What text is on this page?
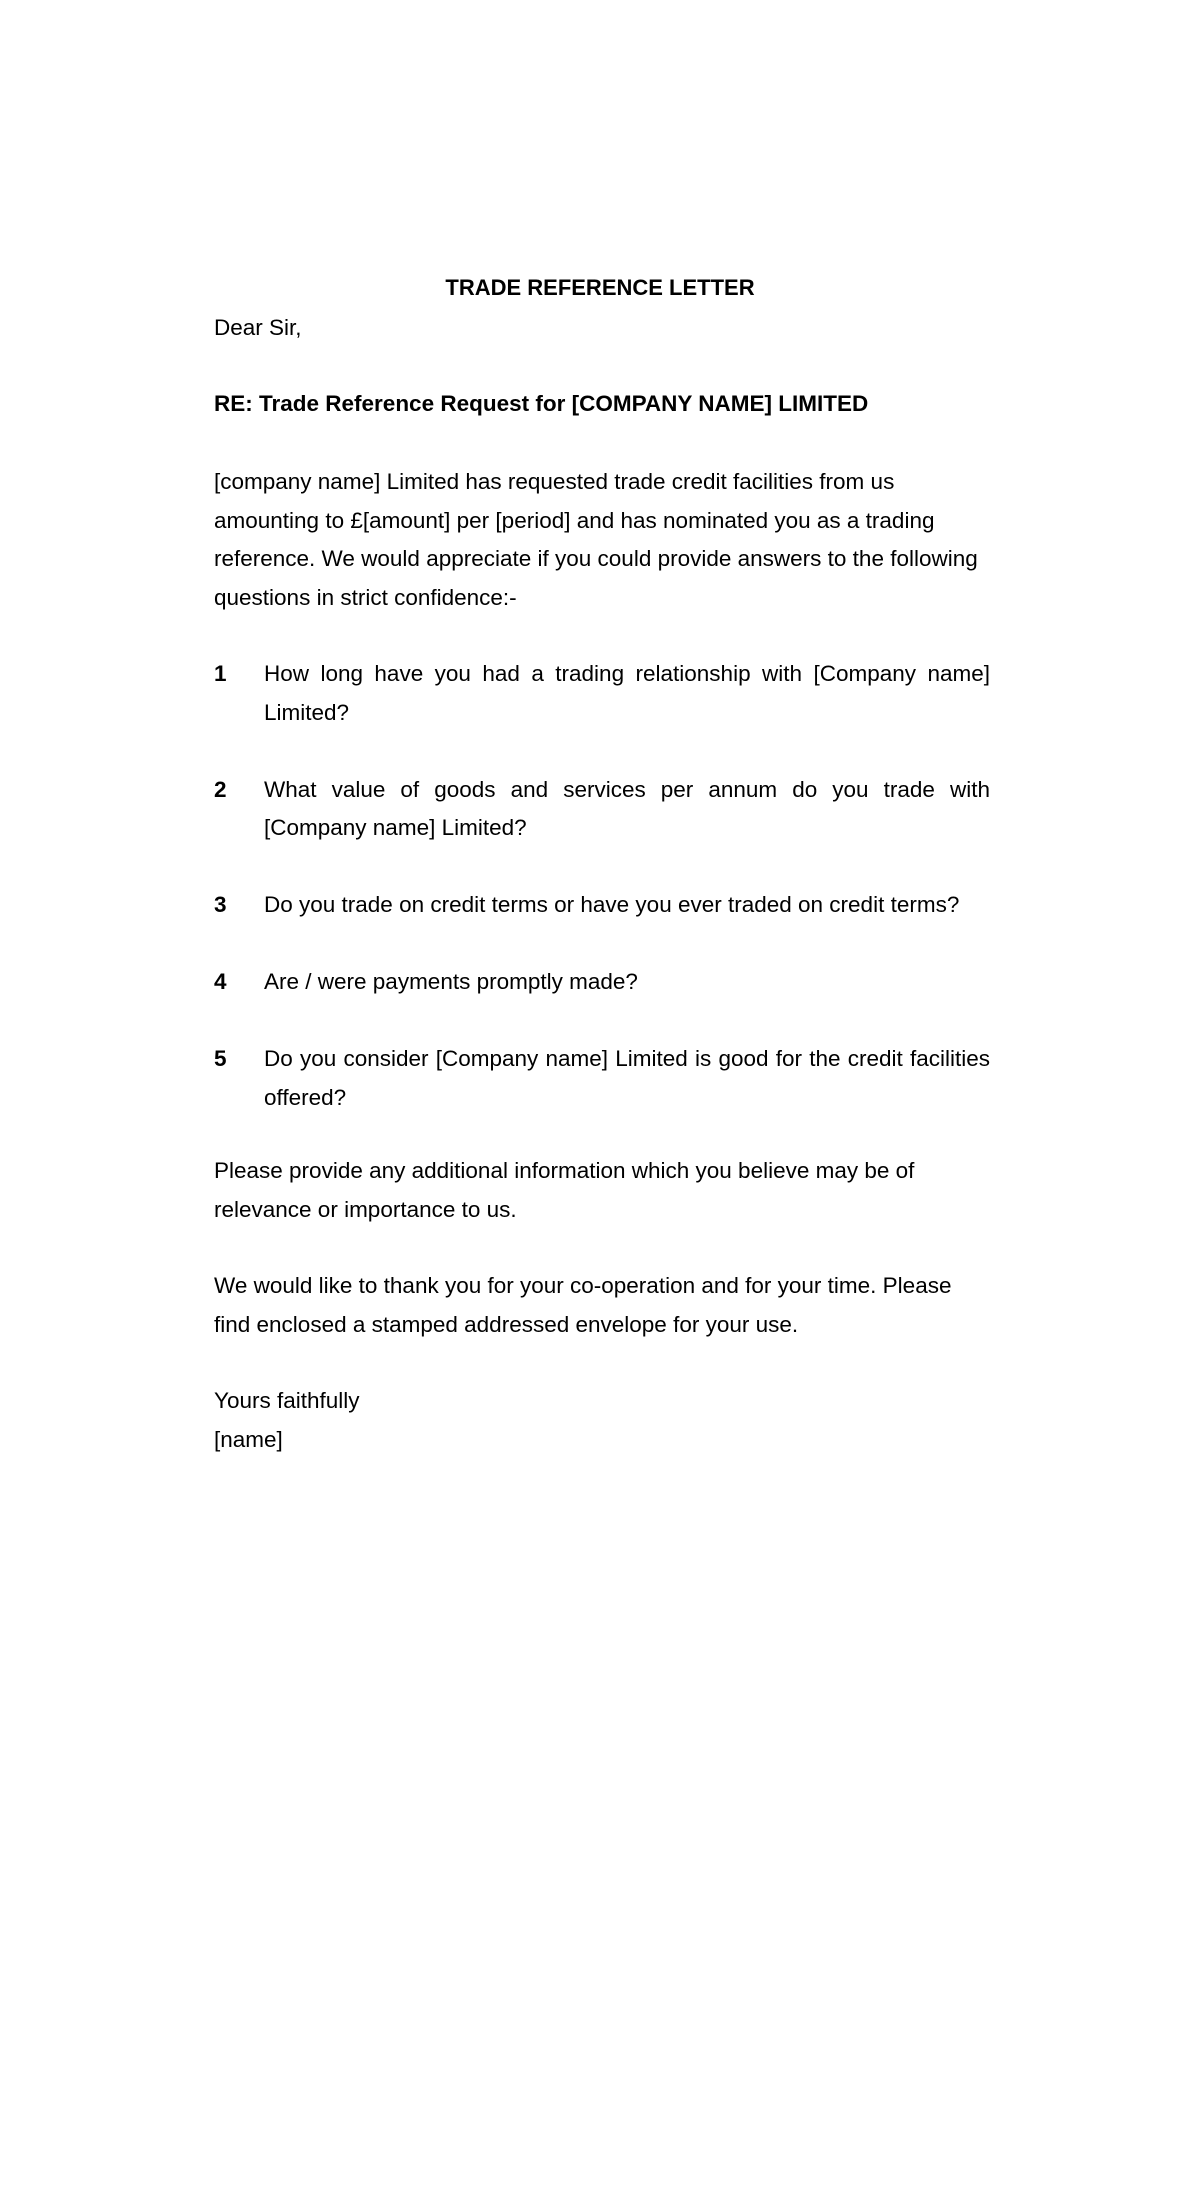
TRADE REFERENCE LETTER
Dear Sir,
RE: Trade Reference Request for [COMPANY NAME] LIMITED
[company name] Limited has requested trade credit facilities from us amounting to £[amount] per [period] and has nominated you as a trading reference. We would appreciate if you could provide answers to the following questions in strict confidence:-
1	How long have you had a trading relationship with [Company name] Limited?
2	What value of goods and services per annum do you trade with [Company name] Limited?
3	Do you trade on credit terms or have you ever traded on credit terms?
4	Are / were payments promptly made?
5	Do you consider [Company name] Limited is good for the credit facilities offered?
Please provide any additional information which you believe may be of relevance or importance to us.
We would like to thank you for your co-operation and for your time. Please find enclosed a stamped addressed envelope for your use.
Yours faithfully
[name]
